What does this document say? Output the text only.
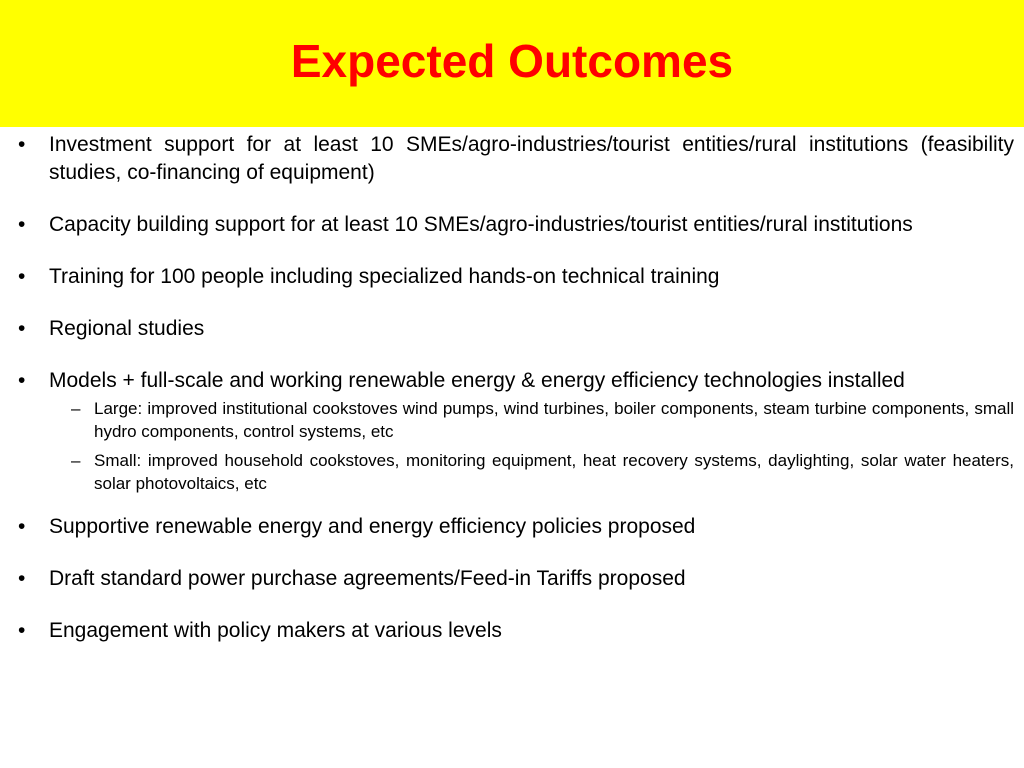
Expected Outcomes
•	Investment support for at least 10 SMEs/agro-industries/tourist entities/rural institutions (feasibility studies, co-financing of equipment)
•	Capacity building support for at least 10 SMEs/agro-industries/tourist entities/rural institutions
•	Training for 100 people including specialized hands-on technical training
•	Regional studies
•	Models + full-scale and working renewable energy & energy efficiency technologies installed
– Large: improved institutional cookstoves wind pumps, wind turbines, boiler components, steam turbine components, small hydro components, control systems, etc
– Small: improved household cookstoves, monitoring equipment, heat recovery systems, daylighting, solar water heaters, solar photovoltaics, etc
•	Supportive renewable energy and energy efficiency policies proposed
•	Draft standard power purchase agreements/Feed-in Tariffs proposed
•	Engagement with policy makers at various levels
